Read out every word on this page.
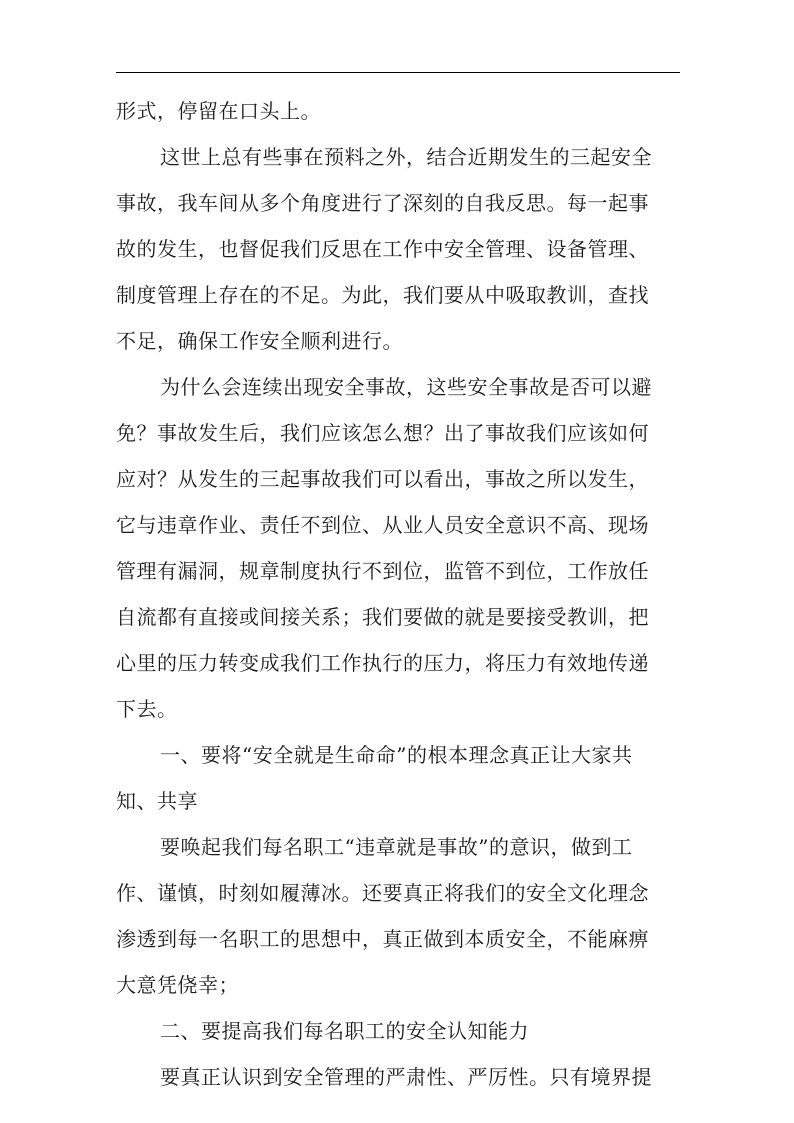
形式，停留在口头上。
这世上总有些事在预料之外，结合近期发生的三起安全
事故，我车间从多个角度进行了深刻的自我反思。每一起事
故的发生，也督促我们反思在工作中安全管理、设备管理、
制度管理上存在的不足。为此，我们要从中吸取教训，查找
不足，确保工作安全顺利进行。
为什么会连续出现安全事故，这些安全事故是否可以避
免？事故发生后，我们应该怎么想？出了事故我们应该如何
应对？从发生的三起事故我们可以看出，事故之所以发生，
它与违章作业、责任不到位、从业人员安全意识不高、现场
管理有漏洞，规章制度执行不到位，监管不到位，工作放任
自流都有直接或间接关系；我们要做的就是要接受教训，把
心里的压力转变成我们工作执行的压力，将压力有效地传递
下去。
一、要将“安全就是生命命”的根本理念真正让大家共
知、共享
要唤起我们每名职工“违章就是事故”的意识，做到工
作、谨慎，时刻如履薄冰。还要真正将我们的安全文化理念
渗透到每一名职工的思想中，真正做到本质安全，不能麻痹
大意凭侥幸；
二、要提高我们每名职工的安全认知能力
要真正认识到安全管理的严肃性、严厉性。只有境界提
